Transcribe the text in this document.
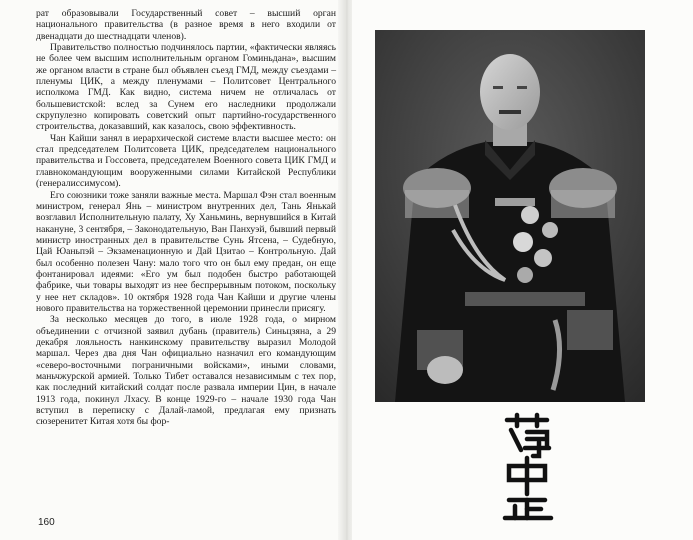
рат образовывали Государственный совет – высший орган национального правительства (в разное время в него входили от двенадцати до шестнадцати членов).

Правительство полностью подчинялось партии, «фактически являясь не более чем высшим исполнительным органом Гоминьдана», высшим же органом власти в стране был объявлен съезд ГМД, между съездами – пленумы ЦИК, а между пленумами – Политсовет Центрального исполкома ГМД. Как видно, система ничем не отличалась от большевистской: вслед за Сунем его наследники продолжали скрупулезно копировать советский опыт партийно-государственного строительства, доказавший, как казалось, свою эффективность.

Чан Кайши занял в иерархической системе власти высшее место: он стал председателем Политсовета ЦИК, председателем национального правительства и Госсовета, председателем Военного совета ЦИК ГМД и главнокомандующим вооруженными силами Китайской Республики (генералиссимусом).

Его союзники тоже заняли важные места. Маршал Фэн стал военным министром, генерал Янь – министром внутренних дел, Тань Янькай возглавил Исполнительную палату, Ху Ханьминь, вернувшийся в Китай накануне, 3 сентября, – Законодательную, Ван Панхуэй, бывший первый министр иностранных дел в правительстве Сунь Ятсена, – Судебную, Цай Юаньпэй – Экзаменационную и Дай Цзитао – Контрольную. Дай был особенно полезен Чану: мало того что он был ему предан, он еще фонтанировал идеями: «Его ум был подобен быстро работающей фабрике, чьи товары выходят из нее беспрерывным потоком, поскольку у нее нет складов». 10 октября 1928 года Чан Кайши и другие члены нового правительства на торжественной церемонии принесли присягу.

За несколько месяцев до того, в июле 1928 года, о мирном объединении с отчизной заявил дубань (правитель) Синьцзяна, а 29 декабря лояльность нанкинскому правительству выразил Молодой маршал. Через два дня Чан официально назначил его командующим «северо-восточными пограничными войсками», иными словами, маньчжурской армией. Только Тибет оставался независимым с тех пор, как последний китайский солдат после развала империи Цин, в начале 1913 года, покинул Лхасу. В конце 1929-го – начале 1930 года Чан вступил в переписку с Далай-ламой, предлагая ему признать сюзеренитет Китая хотя бы фор-

160
